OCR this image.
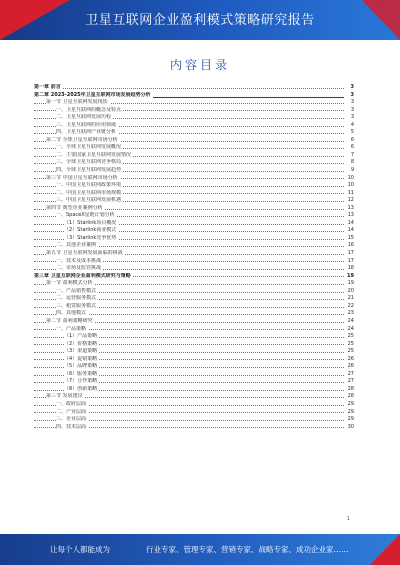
卫星互联网企业盈利模式策略研究报告
内容目录
第一章 前言	3
第二章 2023-2025年卫星互联网市场发展趋势分析	3
第一节 卫星互联网发展现状	3
一、卫星互联网的概念及特点	3
二、卫星互联网发展历程	3
三、卫星互联网的应用领域	4
四、卫星互联网产业链分析	5
第二节 全球卫星互联网市场分析	6
一、全球卫星互联网发展概况	6
二、主要国家卫星互联网发展情况	7
三、全球卫星互联网竞争格局	8
四、全球卫星互联网发展趋势	9
第三节 中国卫星互联网市场分析	10
一、中国卫星互联网政策环境	10
二、中国卫星互联网市场规模	11
三、中国卫星互联网发展机遇	12
第四节 典型企业案例分析	13
一、SpaceX星链计划分析	13
（1）Starlink项目概况	14
（2）Starlink商业模式	14
（3）Starlink竞争优势	15
二、其他企业案例	16
第五节 卫星互联网发展面临的挑战	17
一、技术及成本挑战	17
二、市场及监管挑战	18
第三章 卫星互联网企业盈利模式研究与策略	19
第一节 盈利模式分析	19
一、产品销售模式	20
二、运营服务模式	21
三、租赁服务模式	22
四、其他模式	23
第二节 盈利策略研究	24
一、产品策略	24
（1）产品策略	25
（2）价格策略	25
（3）渠道策略	25
（4）促销策略	26
（5）品牌策略	26
（6）服务策略	27
（7）合作策略	27
（8）创新策略	28
第三节 发展建议	28
一、政府层面	29
二、产业层面	29
三、企业层面	29
四、技术层面	30
1
让每个人都能成为	行业专家、管理专家、营销专家、战略专家、成功企业家……
